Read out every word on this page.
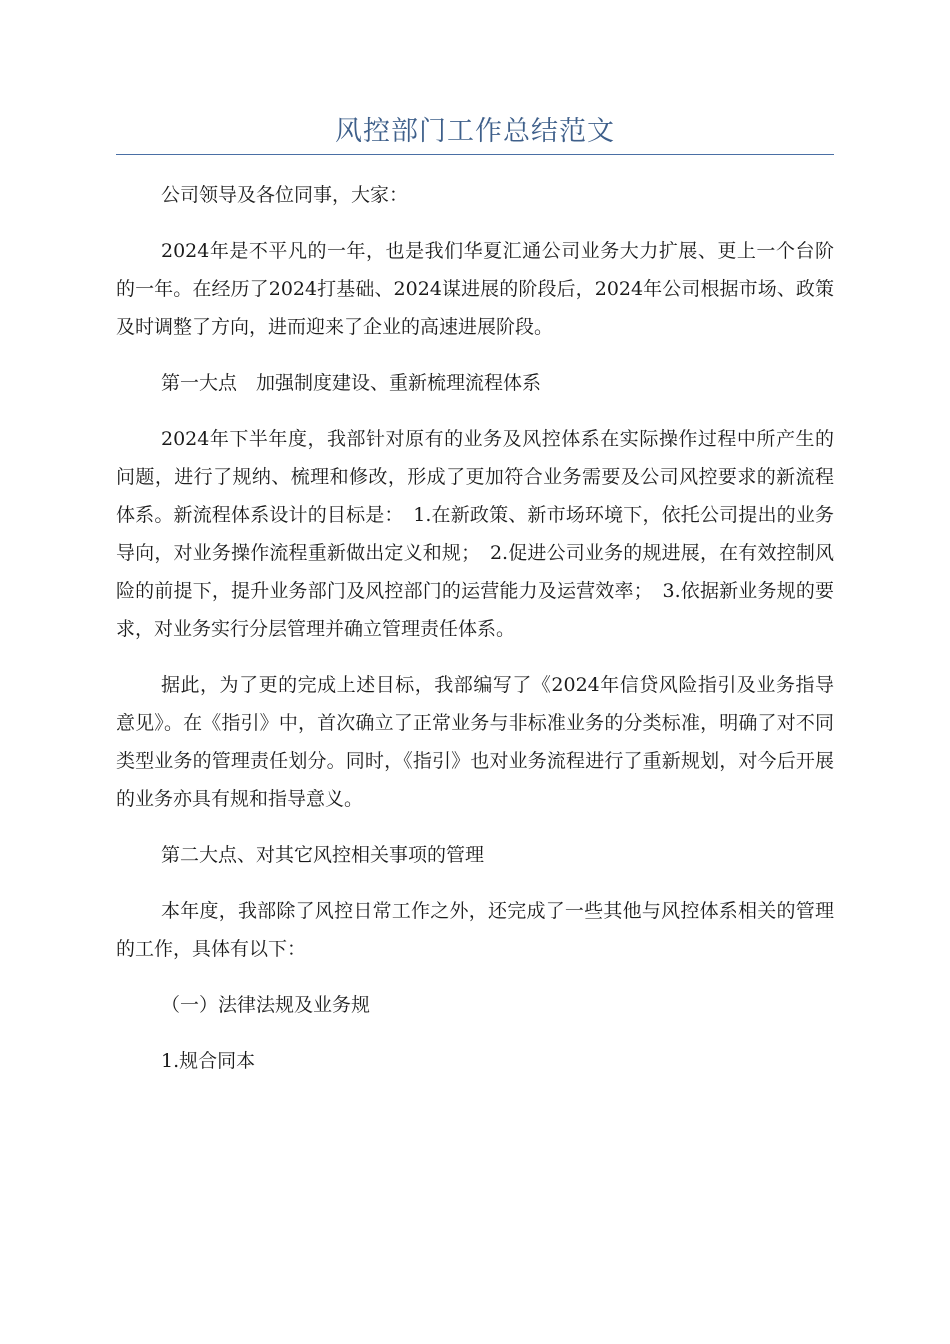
风控部门工作总结范文

公司领导及各位同事，大家：

2024年是不平凡的一年，也是我们华夏汇通公司业务大力扩展、更上一个台阶的一年。在经历了2024打基础、2024谋进展的阶段后，2024年公司根据市场、政策及时调整了方向，进而迎来了企业的高速进展阶段。

第一大点　加强制度建设、重新梳理流程体系

2024年下半年度，我部针对原有的业务及风控体系在实际操作过程中所产生的问题，进行了规纳、梳理和修改，形成了更加符合业务需要及公司风控要求的新流程体系。新流程体系设计的目标是：　1.在新政策、新市场环境下，依托公司提出的业务导向，对业务操作流程重新做出定义和规；　2.促进公司业务的规进展，在有效控制风险的前提下，提升业务部门及风控部门的运营能力及运营效率；　3.依据新业务规的要求，对业务实行分层管理并确立管理责任体系。

据此，为了更的完成上述目标，我部编写了《2024年信贷风险指引及业务指导意见》。在《指引》中，首次确立了正常业务与非标准业务的分类标准，明确了对不同类型业务的管理责任划分。同时，《指引》也对业务流程进行了重新规划，对今后开展的业务亦具有规和指导意义。

第二大点、对其它风控相关事项的管理

本年度，我部除了风控日常工作之外，还完成了一些其他与风控体系相关的管理的工作，具体有以下：

（一）法律法规及业务规

1.规合同本
